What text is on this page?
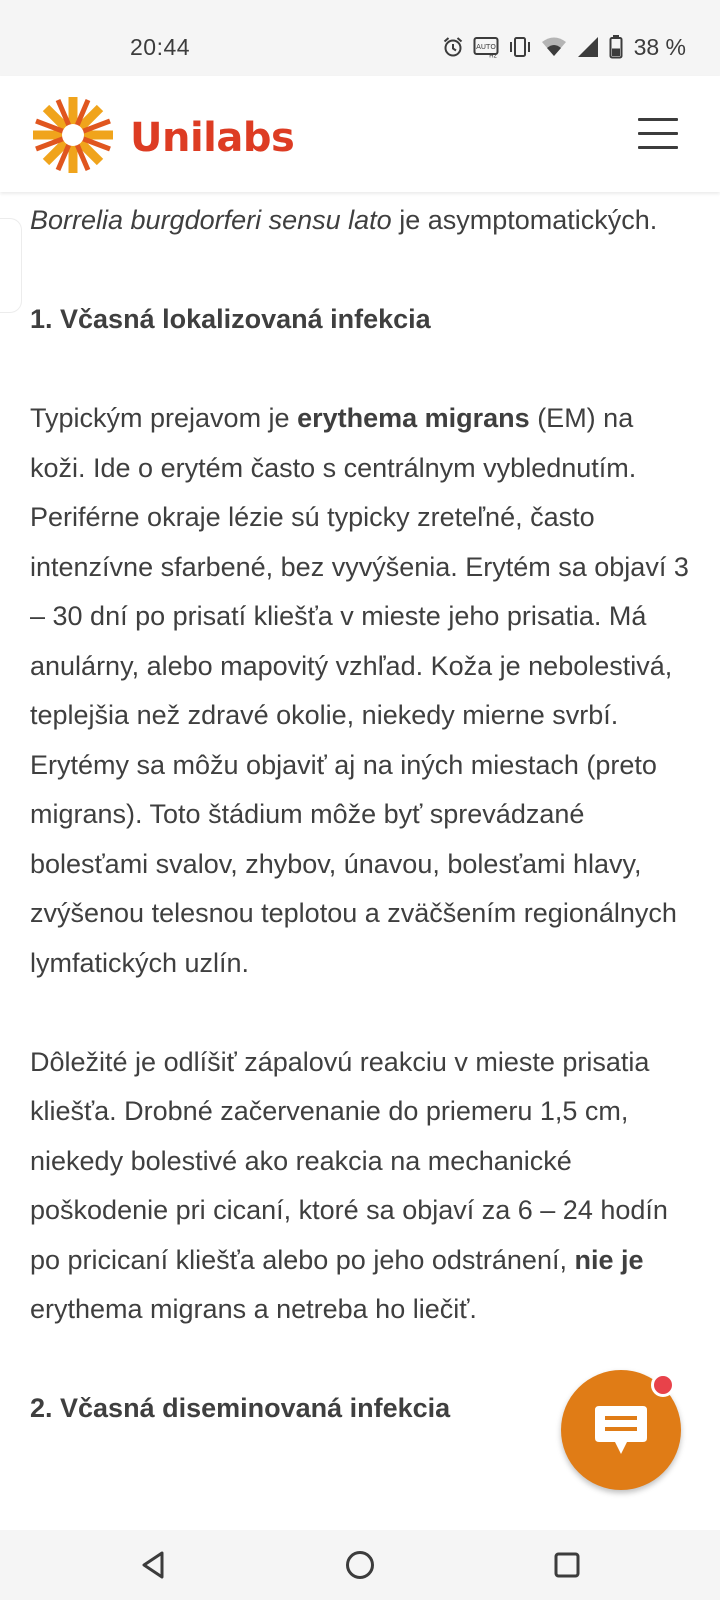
20:44	AUTO
Hz	38 %
Unilabs

Borrelia burgdorferi sensu lato je asymptomatických.

1. Včasná lokalizovaná infekcia

Typickým prejavom je erythema migrans (EM) na koži. Ide o erytém často s centrálnym vyblednutím. Periférne okraje lézie sú typicky zreteľné, často intenzívne sfarbené, bez vyvýšenia. Erytém sa objaví 3 – 30 dní po prisatí kliešťa v mieste jeho prisatia. Má anulárny, alebo mapovitý vzhľad. Koža je nebolestivá, teplejšia než zdravé okolie, niekedy mierne svrbí. Erytémy sa môžu objaviť aj na iných miestach (preto migrans). Toto štádium môže byť sprevádzané bolesťami svalov, zhybov, únavou, bolesťami hlavy, zvýšenou telesnou teplotou a zväčšením regionálnych lymfatických uzlín.

Dôležité je odlíšiť zápalovú reakciu v mieste prisatia kliešťa. Drobné začervenanie do priemeru 1,5 cm, niekedy bolestivé ako reakcia na mechanické poškodenie pri cicaní, ktoré sa objaví za 6 – 24 hodín po pricicaní kliešťa alebo po jeho odstránení, nie je erythema migrans a netreba ho liečiť.

2. Včasná diseminovaná infekcia
